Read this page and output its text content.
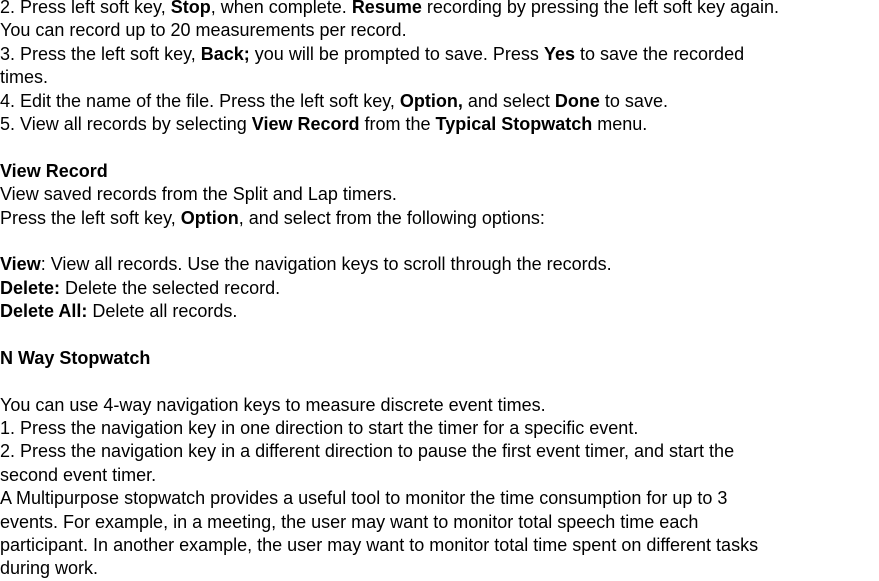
2. Press left soft key, Stop, when complete. Resume recording by pressing the left soft key again.

You can record up to 20 measurements per record.

3. Press the left soft key, Back; you will be prompted to save. Press Yes to save the recorded

times.

4. Edit the name of the file. Press the left soft key, Option, and select Done to save.

5. View all records by selecting View Record from the Typical Stopwatch menu.

View Record

View saved records from the Split and Lap timers.

Press the left soft key, Option, and select from the following options:

View: View all records. Use the navigation keys to scroll through the records.

Delete: Delete the selected record.

Delete All: Delete all records.

N Way Stopwatch

You can use 4-way navigation keys to measure discrete event times.

1. Press the navigation key in one direction to start the timer for a specific event.

2. Press the navigation key in a different direction to pause the first event timer, and start the

second event timer.

A Multipurpose stopwatch provides a useful tool to monitor the time consumption for up to 3

events. For example, in a meeting, the user may want to monitor total speech time each

participant. In another example, the user may want to monitor total time spent on different tasks

during work.
